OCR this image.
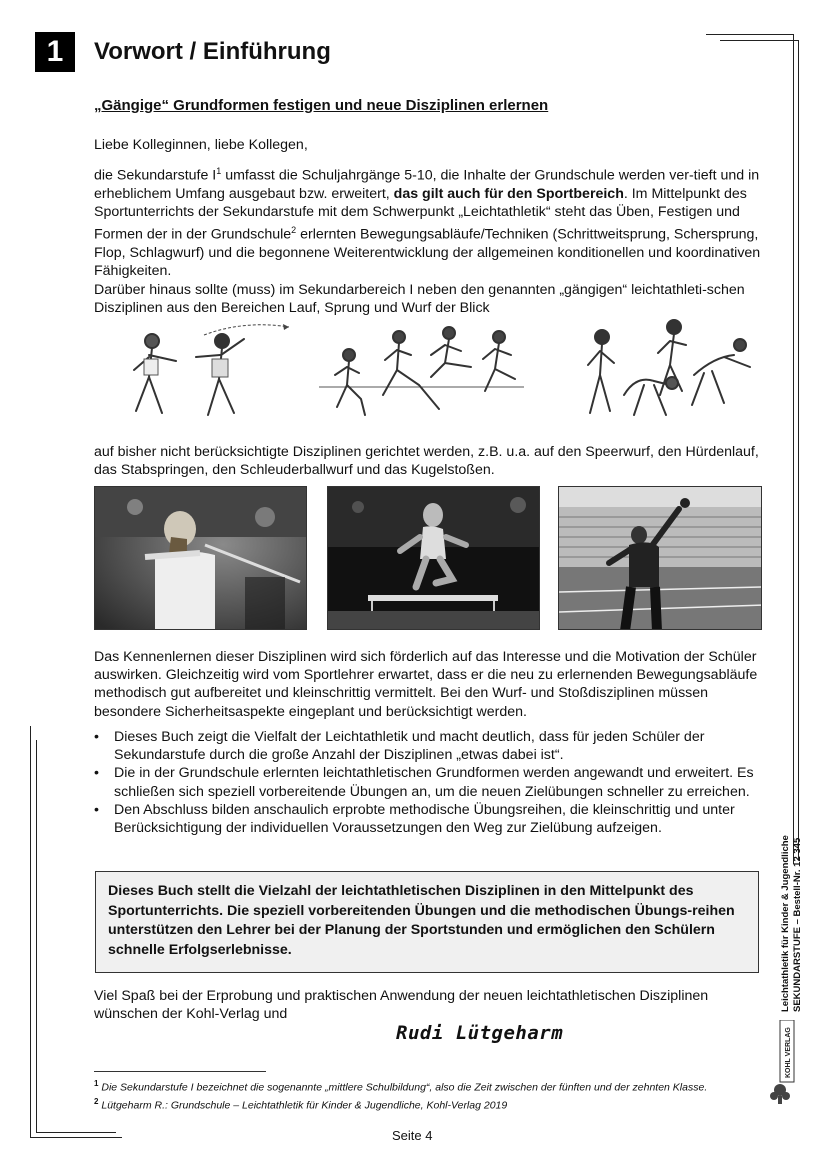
1	Vorwort / Einführung
„Gängige“ Grundformen festigen und neue Disziplinen erlernen
Liebe Kolleginnen, liebe Kollegen,
die Sekundarstufe $I^1$ umfasst die Schuljahrgänge 5-10, die Inhalte der Grundschule werden ver-tieft und in erheblichem Umfang ausgebaut bzw. erweitert, das gilt auch für den Sportbereich. Im Mittelpunkt des Sportunterrichts der Sekundarstufe mit dem Schwerpunkt „Leichtathletik“ steht das Üben, Festigen und Formen der in der Grundschule$^2$ erlernten Bewegungsabläufe/Techniken (Schrittweitsprung, Schersprung, Flop, Schlagwurf) und die begonnene Weiterentwicklung der allgemeinen konditionellen und koordinativen Fähigkeiten.
Darüber hinaus sollte (muss) im Sekundarbereich I neben den genannten „gängigen“ leichtathleti-schen Disziplinen aus den Bereichen Lauf, Sprung und Wurf der Blick
auf bisher nicht berücksichtigte Disziplinen gerichtet werden, z.B. u.a. auf den Speerwurf, den Hürdenlauf, das Stabspringen, den Schleuderballwurf und das Kugelstoßen.
Das Kennenlernen dieser Disziplinen wird sich förderlich auf das Interesse und die Motivation der Schüler auswirken. Gleichzeitig wird vom Sportlehrer erwartet, dass er die neu zu erlernenden Bewegungsabläufe methodisch gut aufbereitet und kleinschrittig vermittelt. Bei den Wurf- und Stoßdisziplinen müssen besondere Sicherheitsaspekte eingeplant und berücksichtigt werden.
• Dieses Buch zeigt die Vielfalt der Leichtathletik und macht deutlich, dass für jeden Schüler der Sekundarstufe durch die große Anzahl der Disziplinen „etwas dabei ist“.
• Die in der Grundschule erlernten leichtathletischen Grundformen werden angewandt und erweitert. Es schließen sich speziell vorbereitende Übungen an, um die neuen Zielübungen schneller zu erreichen.
• Den Abschluss bilden anschaulich erprobte methodische Übungsreihen, die kleinschrittig und unter Berücksichtigung der individuellen Voraussetzungen den Weg zur Zielübung aufzeigen.
Dieses Buch stellt die Vielzahl der leichtathletischen Disziplinen in den Mittelpunkt des Sportunterrichts. Die speziell vorbereitenden Übungen und die methodischen Übungs-reihen unterstützen den Lehrer bei der Planung der Sportstunden und ermöglichen den Schülern schnelle Erfolgserlebnisse.
Viel Spaß bei der Erprobung und praktischen Anwendung der neuen leichtathletischen Disziplinen wünschen der Kohl-Verlag und
Rudi Lütgeharm
$^1$ Die Sekundarstufe I bezeichnet die sogenannte „mittlere Schulbildung“, also die Zeit zwischen der fünften und der zehnten Klasse.
$^2$ Lütgeharm R.: Grundschule – Leichtathletik für Kinder & Jugendliche, Kohl-Verlag 2019
Seite 4
Leichtathletik für Kinder & Jugendliche SEKUNDARSTUFE – Bestell-Nr. 12 345
KOHL VERLAG
